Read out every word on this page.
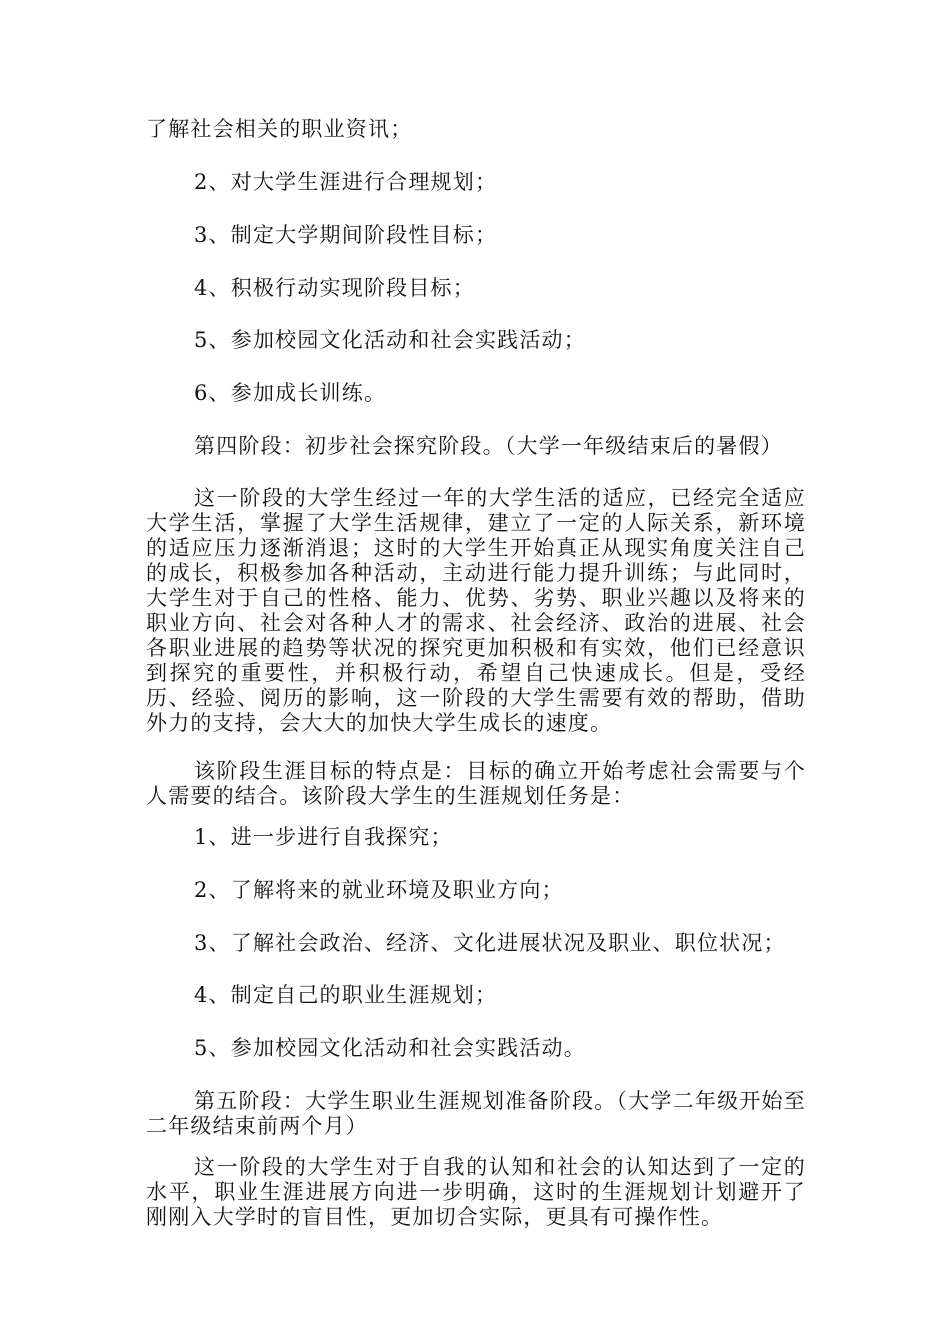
了解社会相关的职业资讯；

2、对大学生涯进行合理规划；

3、制定大学期间阶段性目标；

4、积极行动实现阶段目标；

5、参加校园文化活动和社会实践活动；

6、参加成长训练。

第四阶段：初步社会探究阶段。（大学一年级结束后的暑假）

这一阶段的大学生经过一年的大学生活的适应，已经完全适应大学生活，掌握了大学生活规律，建立了一定的人际关系，新环境的适应压力逐渐消退；这时的大学生开始真正从现实角度关注自己的成长，积极参加各种活动，主动进行能力提升训练；与此同时，大学生对于自己的性格、能力、优势、劣势、职业兴趣以及将来的职业方向、社会对各种人才的需求、社会经济、政治的进展、社会各职业进展的趋势等状况的探究更加积极和有实效，他们已经意识到探究的重要性，并积极行动，希望自己快速成长。但是，受经历、经验、阅历的影响，这一阶段的大学生需要有效的帮助，借助外力的支持，会大大的加快大学生成长的速度。

该阶段生涯目标的特点是：目标的确立开始考虑社会需要与个人需要的结合。该阶段大学生的生涯规划任务是：

1、进一步进行自我探究；

2、了解将来的就业环境及职业方向；

3、了解社会政治、经济、文化进展状况及职业、职位状况；

4、制定自己的职业生涯规划；

5、参加校园文化活动和社会实践活动。

第五阶段：大学生职业生涯规划准备阶段。（大学二年级开始至二年级结束前两个月）

这一阶段的大学生对于自我的认知和社会的认知达到了一定的水平，职业生涯进展方向进一步明确，这时的生涯规划计划避开了刚刚入大学时的盲目性，更加切合实际，更具有可操作性。
